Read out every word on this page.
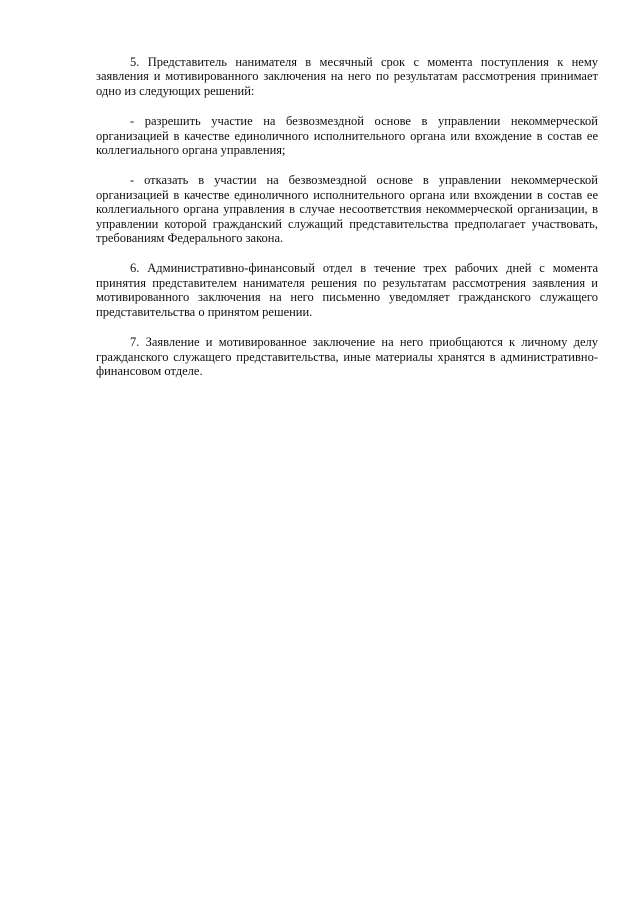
5. Представитель нанимателя в месячный срок с момента поступления к нему заявления и мотивированного заключения на него по результатам рассмотрения принимает одно из следующих решений:

- разрешить участие на безвозмездной основе в управлении некоммерческой организацией в качестве единоличного исполнительного органа или вхождение в состав ее коллегиального органа управления;

- отказать в участии на безвозмездной основе в управлении некоммерческой организацией в качестве единоличного исполнительного органа или вхождении в состав ее коллегиального органа управления в случае несоответствия некоммерческой организации, в управлении которой гражданский служащий представительства предполагает участвовать, требованиям Федерального закона.

6. Административно-финансовый отдел в течение трех рабочих дней с момента принятия представителем нанимателя решения по результатам рассмотрения заявления и мотивированного заключения на него письменно уведомляет гражданского служащего представительства о принятом решении.

7. Заявление и мотивированное заключение на него приобщаются к личному делу гражданского служащего представительства, иные материалы хранятся в административно-финансовом отделе.
